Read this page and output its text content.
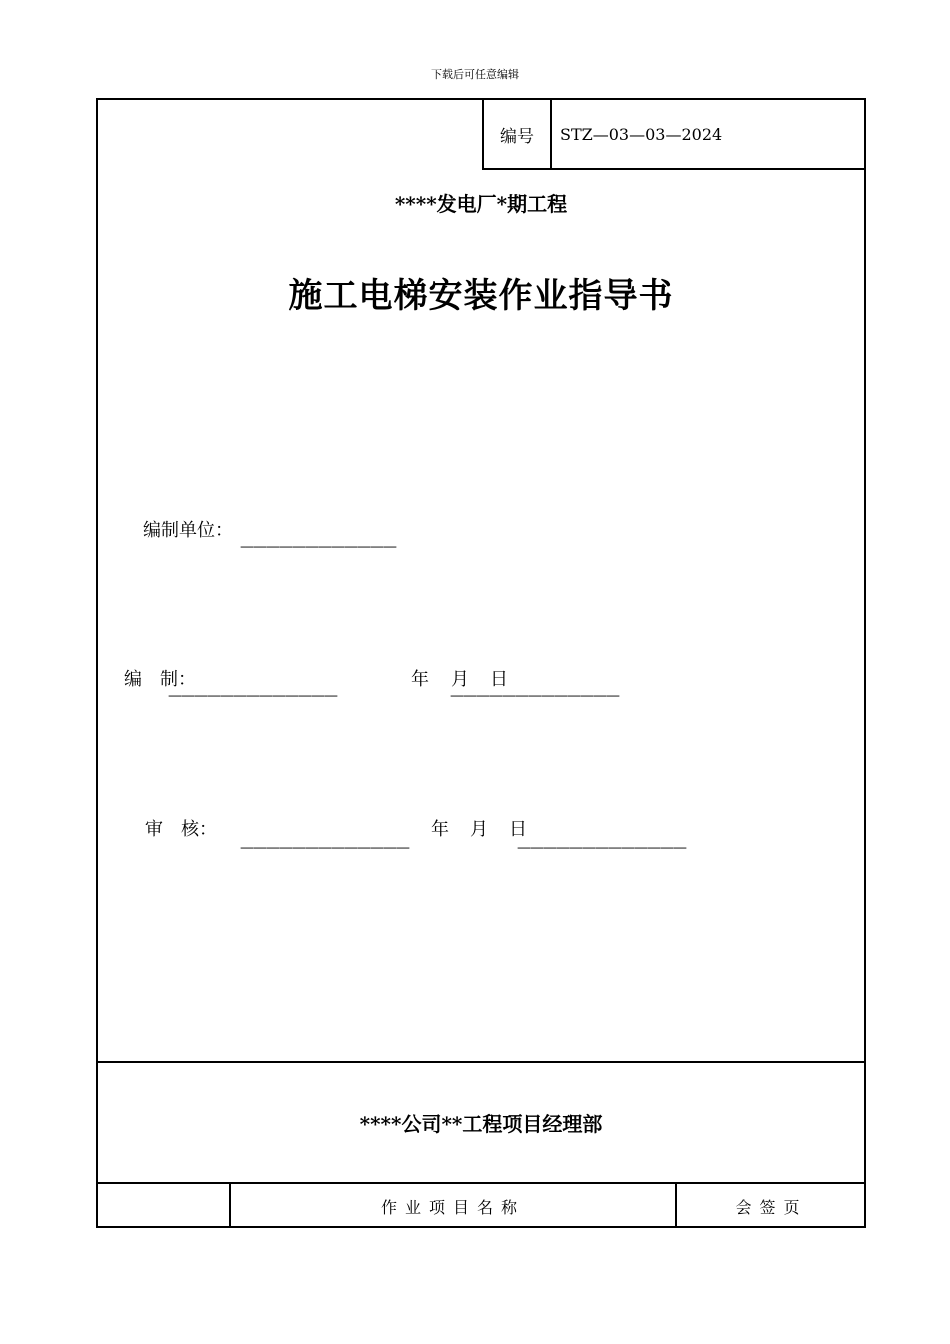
下载后可任意编辑
编号	STZ—03—03—2024
****发电厂*期工程
施工电梯安装作业指导书
编制单位：
————————————
编　制：
—————————————
年 月 日
—————————————
审　核：
—————————————
年 月 日
—————————————
****公司**工程项目经理部
作业项目名称	会签页
